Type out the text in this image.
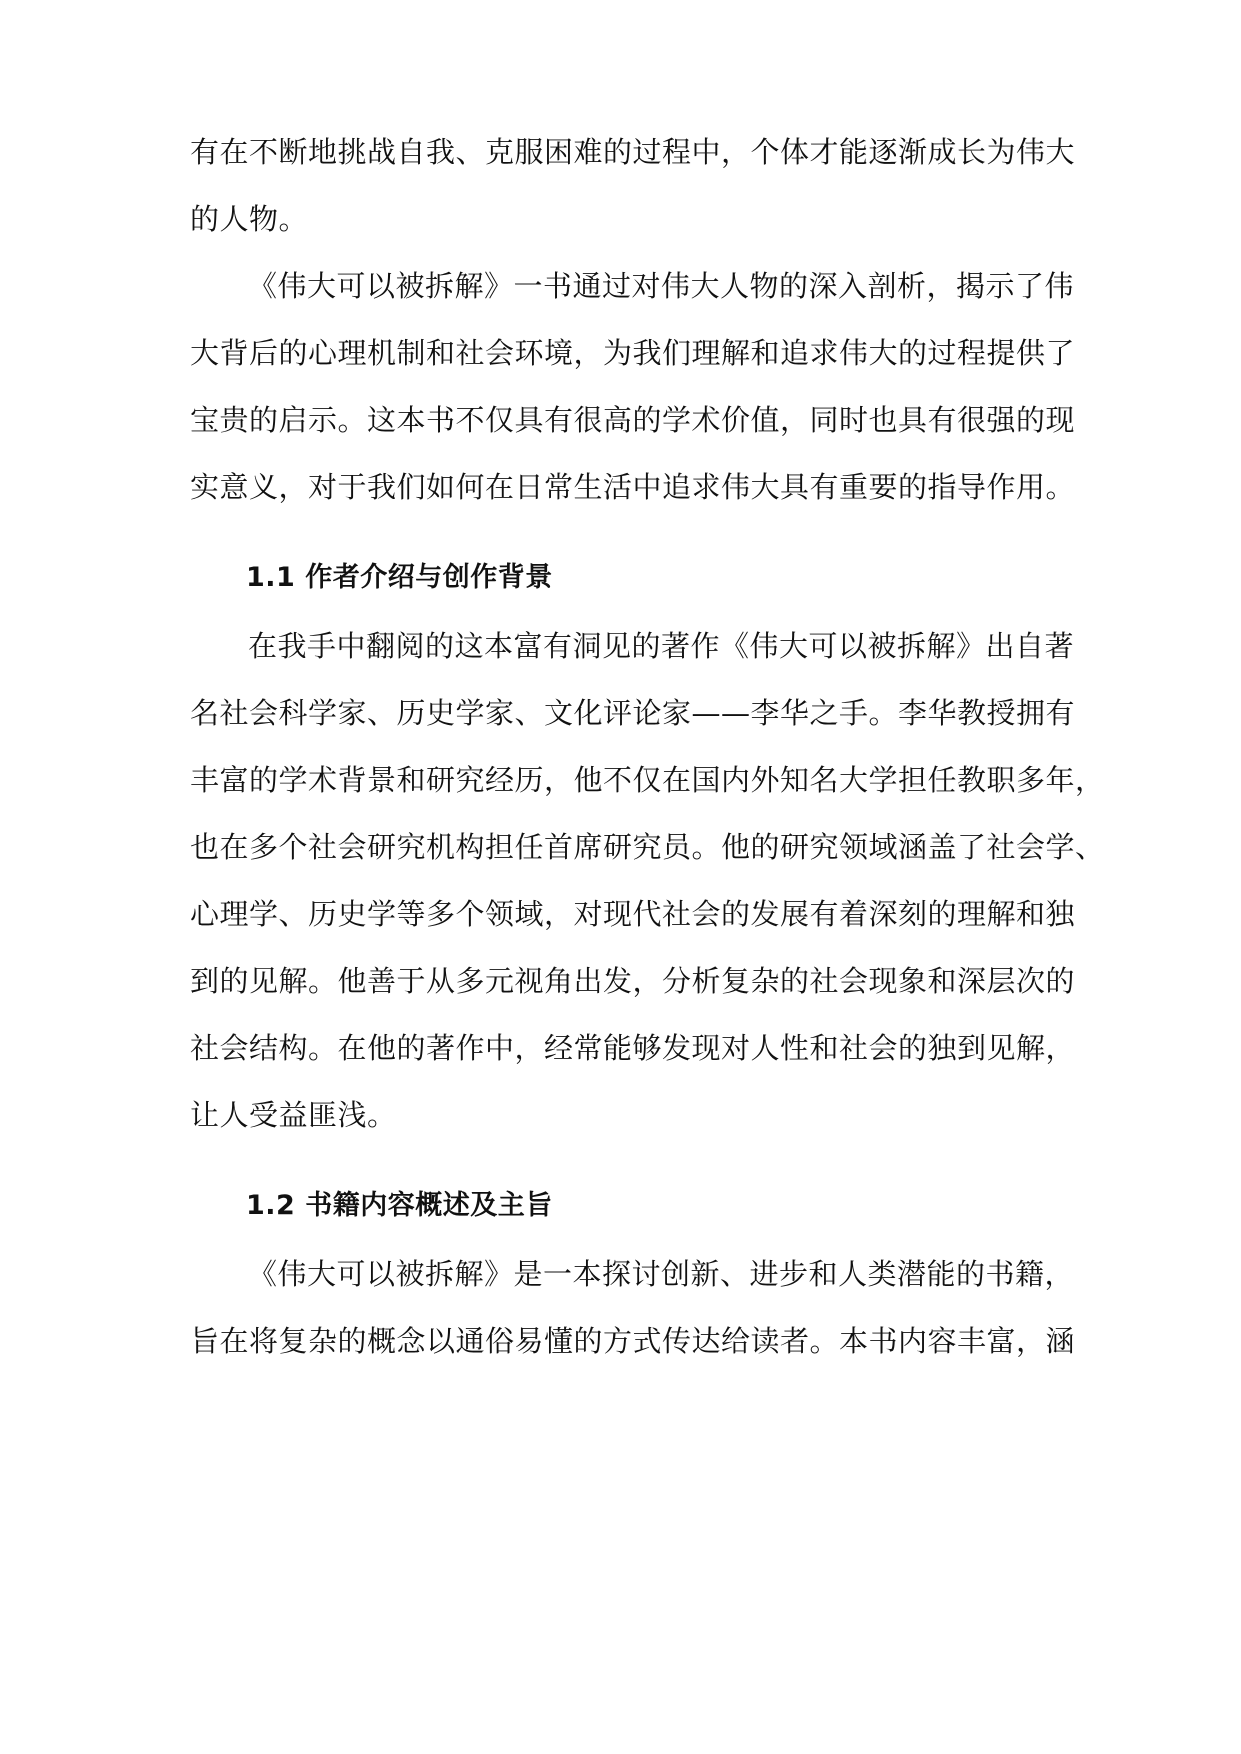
有在不断地挑战自我、克服困难的过程中，个体才能逐渐成长为伟大
的人物。
《伟大可以被拆解》一书通过对伟大人物的深入剖析，揭示了伟
大背后的心理机制和社会环境，为我们理解和追求伟大的过程提供了
宝贵的启示。这本书不仅具有很高的学术价值，同时也具有很强的现
实意义，对于我们如何在日常生活中追求伟大具有重要的指导作用。
1.1 作者介绍与创作背景
在我手中翻阅的这本富有洞见的著作《伟大可以被拆解》出自著
名社会科学家、历史学家、文化评论家——李华之手。李华教授拥有
丰富的学术背景和研究经历，他不仅在国内外知名大学担任教职多年，
也在多个社会研究机构担任首席研究员。他的研究领域涵盖了社会学、
心理学、历史学等多个领域，对现代社会的发展有着深刻的理解和独
到的见解。他善于从多元视角出发，分析复杂的社会现象和深层次的
社会结构。在他的著作中，经常能够发现对人性和社会的独到见解，
让人受益匪浅。
1.2 书籍内容概述及主旨
《伟大可以被拆解》是一本探讨创新、进步和人类潜能的书籍，
旨在将复杂的概念以通俗易懂的方式传达给读者。本书内容丰富，涵
